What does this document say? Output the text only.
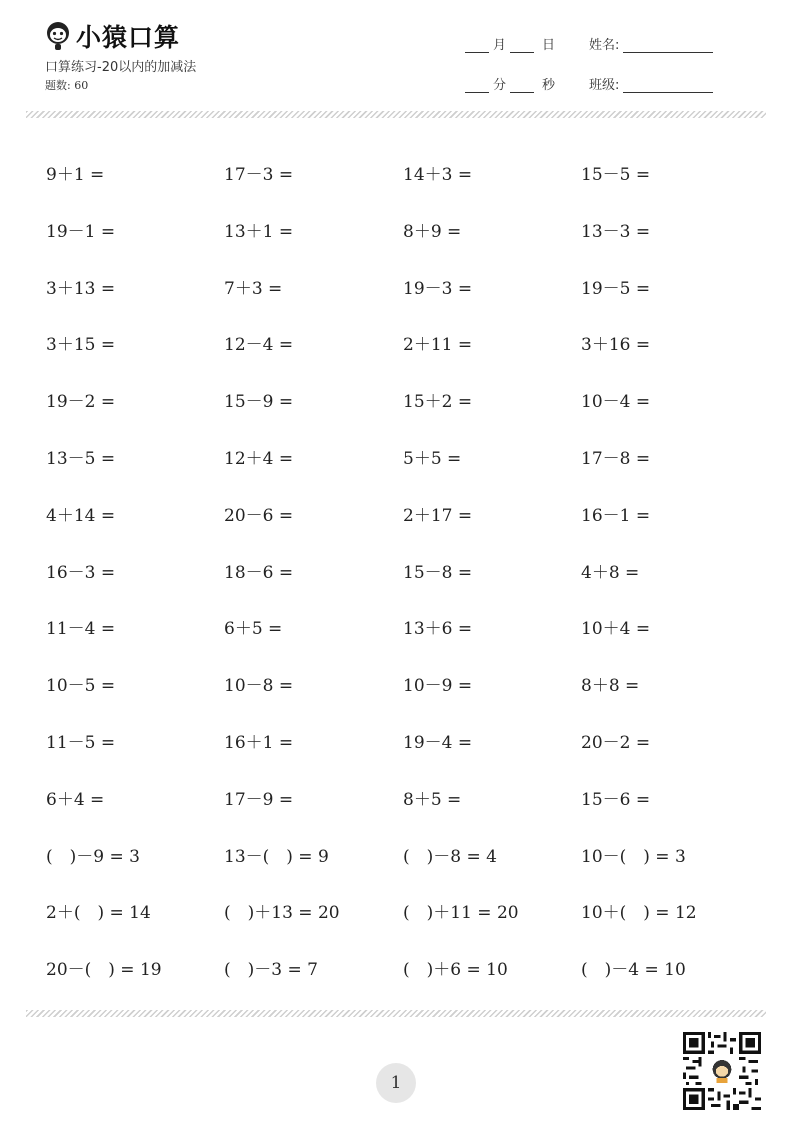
小猿口算
口算练习-20以内的加减法
题数: 60
月	日
分	秒
姓名:
班级:
9＋1 =	17－3 =	14＋3 =	15－5 =
19－1 =	13＋1 =	8＋9 =	13－3 =
3＋13 =	7＋3 =	19－3 =	19－5 =
3＋15 =	12－4 =	2＋11 =	3＋16 =
19－2 =	15－9 =	15＋2 =	10－4 =
13－5 =	12＋4 =	5＋5 =	17－8 =
4＋14 =	20－6 =	2＋17 =	16－1 =
16－3 =	18－6 =	15－8 =	4＋8 =
11－4 =	6＋5 =	13＋6 =	10＋4 =
10－5 =	10－8 =	10－9 =	8＋8 =
11－5 =	16＋1 =	19－4 =	20－2 =
6＋4 =	17－9 =	8＋5 =	15－6 =
(　)－9 = 3	13－(　) = 9	(　)－8 = 4	10－(　) = 3
2＋(　) = 14	(　)＋13 = 20	(　)＋11 = 20	10＋(　) = 12
20－(　) = 19	(　)－3 = 7	(　)＋6 = 10	(　)－4 = 10
1
